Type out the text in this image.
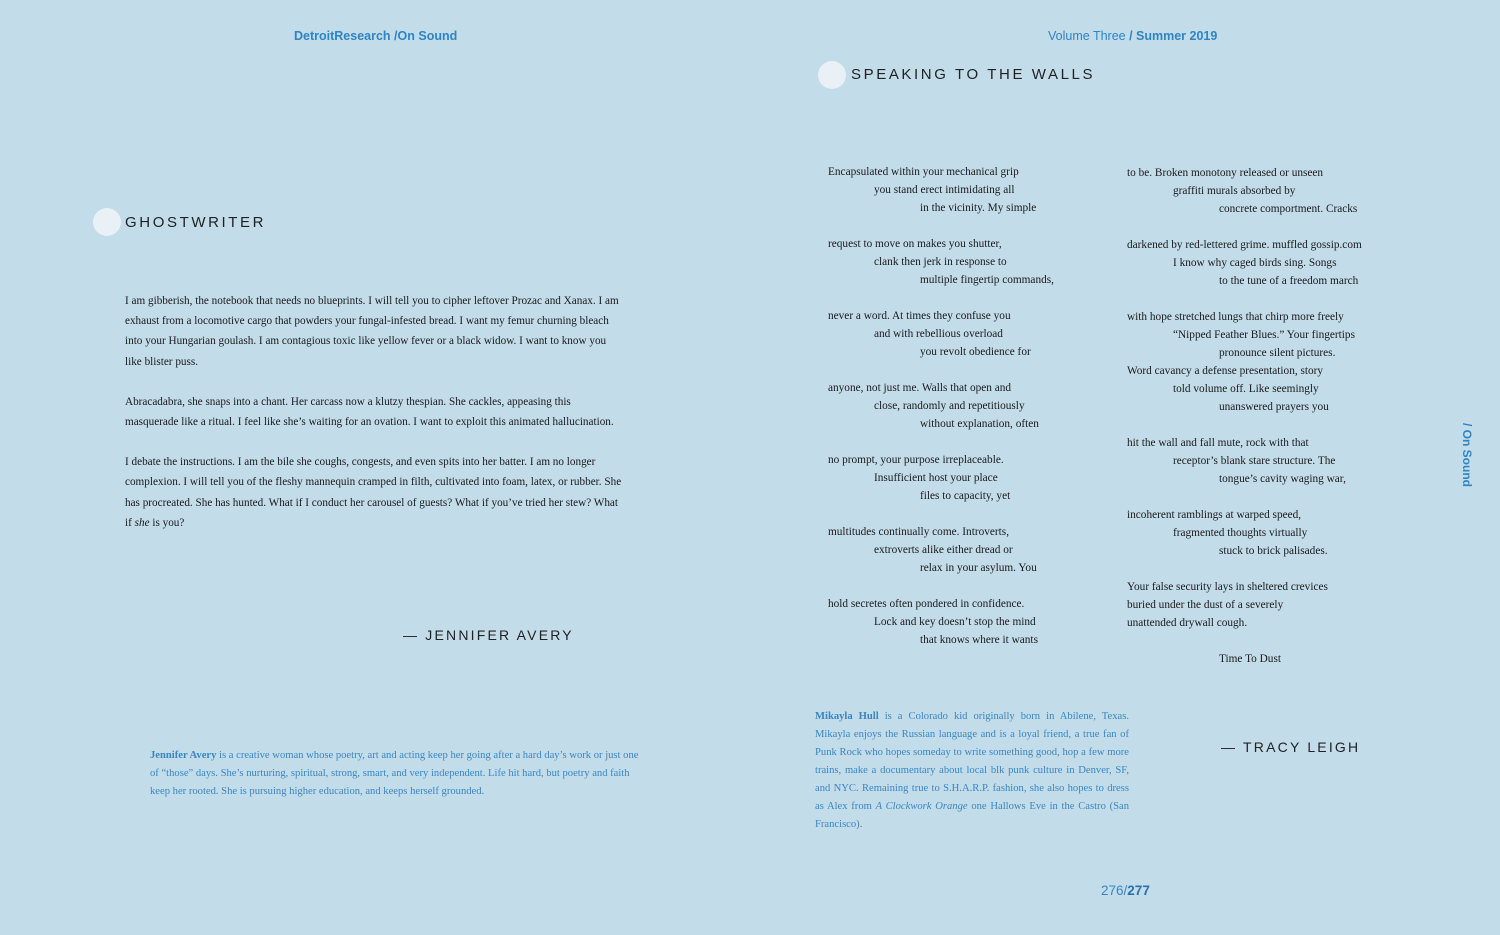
DetroitResearch /On Sound	Volume Three / Summer 2019
GHOSTWRITER

I am gibberish, the notebook that needs no blueprints. I will tell you to cipher leftover Prozac and Xanax. I am exhaust from a locomotive cargo that powders your fungal-infested bread. I want my femur churning bleach into your Hungarian goulash. I am contagious toxic like yellow fever or a black widow. I want to know you like blister puss.

Abracadabra, she snaps into a chant. Her carcass now a klutzy thespian. She cackles, appeasing this masquerade like a ritual. I feel like she’s waiting for an ovation. I want to exploit this animated hallucination.

I debate the instructions. I am the bile she coughs, congests, and even spits into her batter. I am no longer complexion. I will tell you of the fleshy mannequin cramped in filth, cultivated into foam, latex, or rubber. She has procreated. She has hunted. What if I conduct her carousel of guests? What if you’ve tried her stew? What if she is you?

— JENNIFER AVERY
Jennifer Avery is a creative woman whose poetry, art and acting keep her going after a hard day’s work or just one of “those” days. She’s nurturing, spiritual, strong, smart, and very independent. Life hit hard, but poetry and faith keep her rooted. She is pursuing higher education, and keeps herself grounded.
SPEAKING TO THE WALLS
Encapsulated within your mechanical grip
you stand erect intimidating all
in the vicinity. My simple
request to move on makes you shutter,
clank then jerk in response to
multiple fingertip commands,
never a word. At times they confuse you
and with rebellious overload
you revolt obedience for
anyone, not just me. Walls that open and
close, randomly and repetitiously
without explanation, often
no prompt, your purpose irreplaceable.
Insufficient host your place
files to capacity, yet
multitudes continually come. Introverts,
extroverts alike either dread or
relax in your asylum. You
hold secretes often pondered in confidence.
Lock and key doesn’t stop the mind
that knows where it wants
to be. Broken monotony released or unseen
graffiti murals absorbed by
concrete comportment. Cracks
darkened by red-lettered grime. muffled gossip.com
I know why caged birds sing. Songs
to the tune of a freedom march
with hope stretched lungs that chirp more freely
“Nipped Feather Blues.” Your fingertips
pronounce silent pictures.
Word cavancy a defense presentation, story
told volume off. Like seemingly
unanswered prayers you
hit the wall and fall mute, rock with that
receptor’s blank stare structure. The
tongue’s cavity waging war,
incoherent ramblings at warped speed,
fragmented thoughts virtually
stuck to brick palisades.
Your false security lays in sheltered crevices
buried under the dust of a severely
unattended drywall cough.
Time To Dust
Mikayla Hull is a Colorado kid originally born in Abilene, Texas. Mikayla enjoys the Russian language and is a loyal friend, a true fan of Punk Rock who hopes someday to write something good, hop a few more trains, make a documentary about local blk punk culture in Denver, SF, and NYC. Remaining true to S.H.A.R.P. fashion, she also hopes to dress as Alex from A Clockwork Orange one Hallows Eve in the Castro (San Francisco).
— TRACY LEIGH
/ On Sound
276/277
